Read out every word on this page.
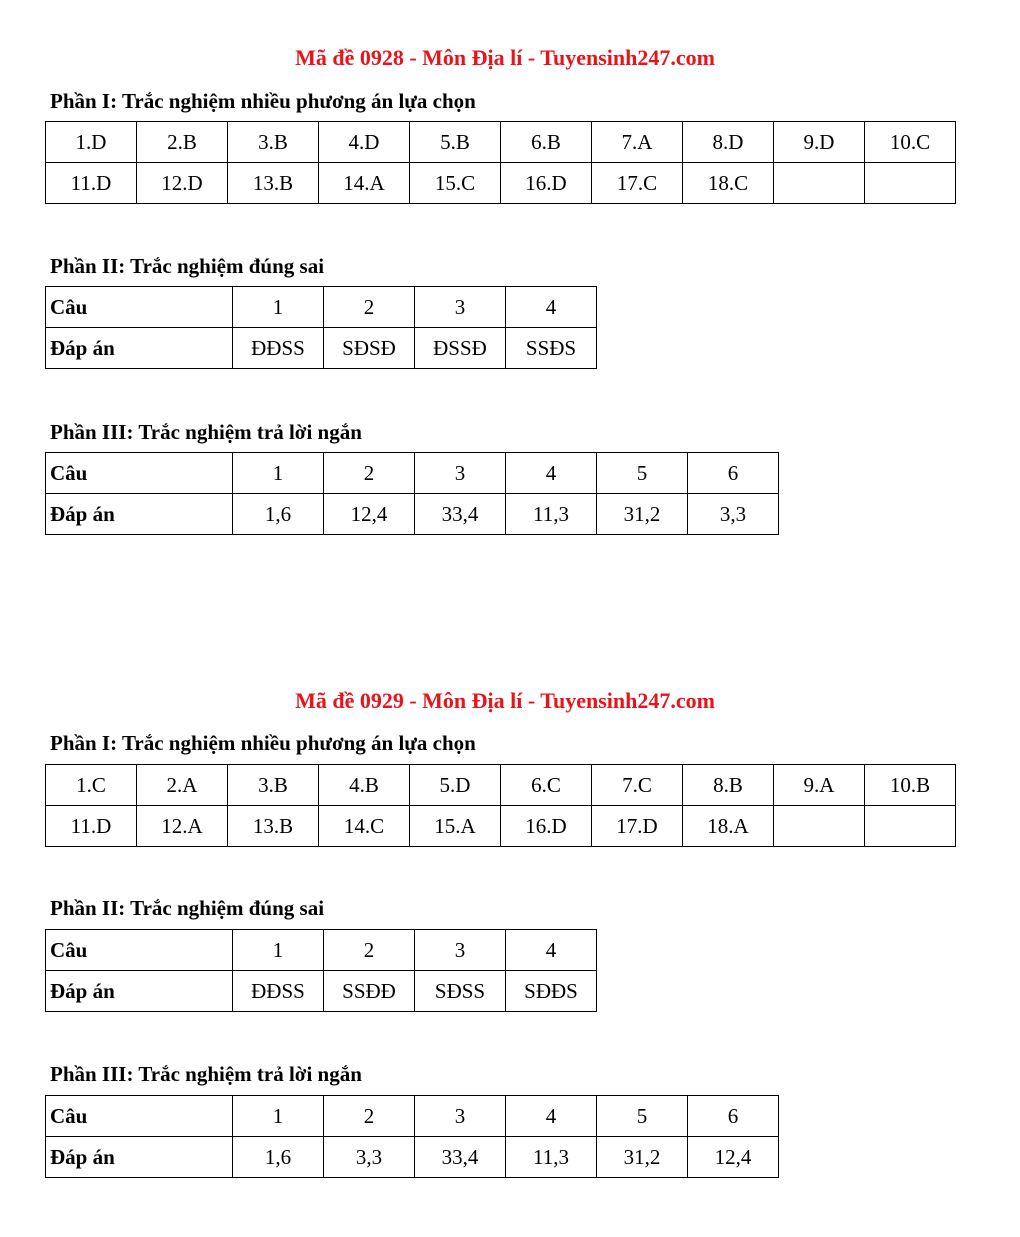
Mã đề 0928 - Môn Địa lí - Tuyensinh247.com
Phần I: Trắc nghiệm nhiều phương án lựa chọn
1.D	2.B	3.B	4.D	5.B	6.B	7.A	8.D	9.D	10.C
11.D	12.D	13.B	14.A	15.C	16.D	17.C	18.C		
Phần II: Trắc nghiệm đúng sai
Câu	1	2	3	4
Đáp án	ĐĐSS	SĐSĐ	ĐSSĐ	SSĐS
Phần III: Trắc nghiệm trả lời ngắn
Câu	1	2	3	4	5	6
Đáp án	1,6	12,4	33,4	11,3	31,2	3,3
Mã đề 0929 - Môn Địa lí - Tuyensinh247.com
Phần I: Trắc nghiệm nhiều phương án lựa chọn
1.C	2.A	3.B	4.B	5.D	6.C	7.C	8.B	9.A	10.B
11.D	12.A	13.B	14.C	15.A	16.D	17.D	18.A		
Phần II: Trắc nghiệm đúng sai
Câu	1	2	3	4
Đáp án	ĐĐSS	SSĐĐ	SĐSS	SĐĐS
Phần III: Trắc nghiệm trả lời ngắn
Câu	1	2	3	4	5	6
Đáp án	1,6	3,3	33,4	11,3	31,2	12,4
